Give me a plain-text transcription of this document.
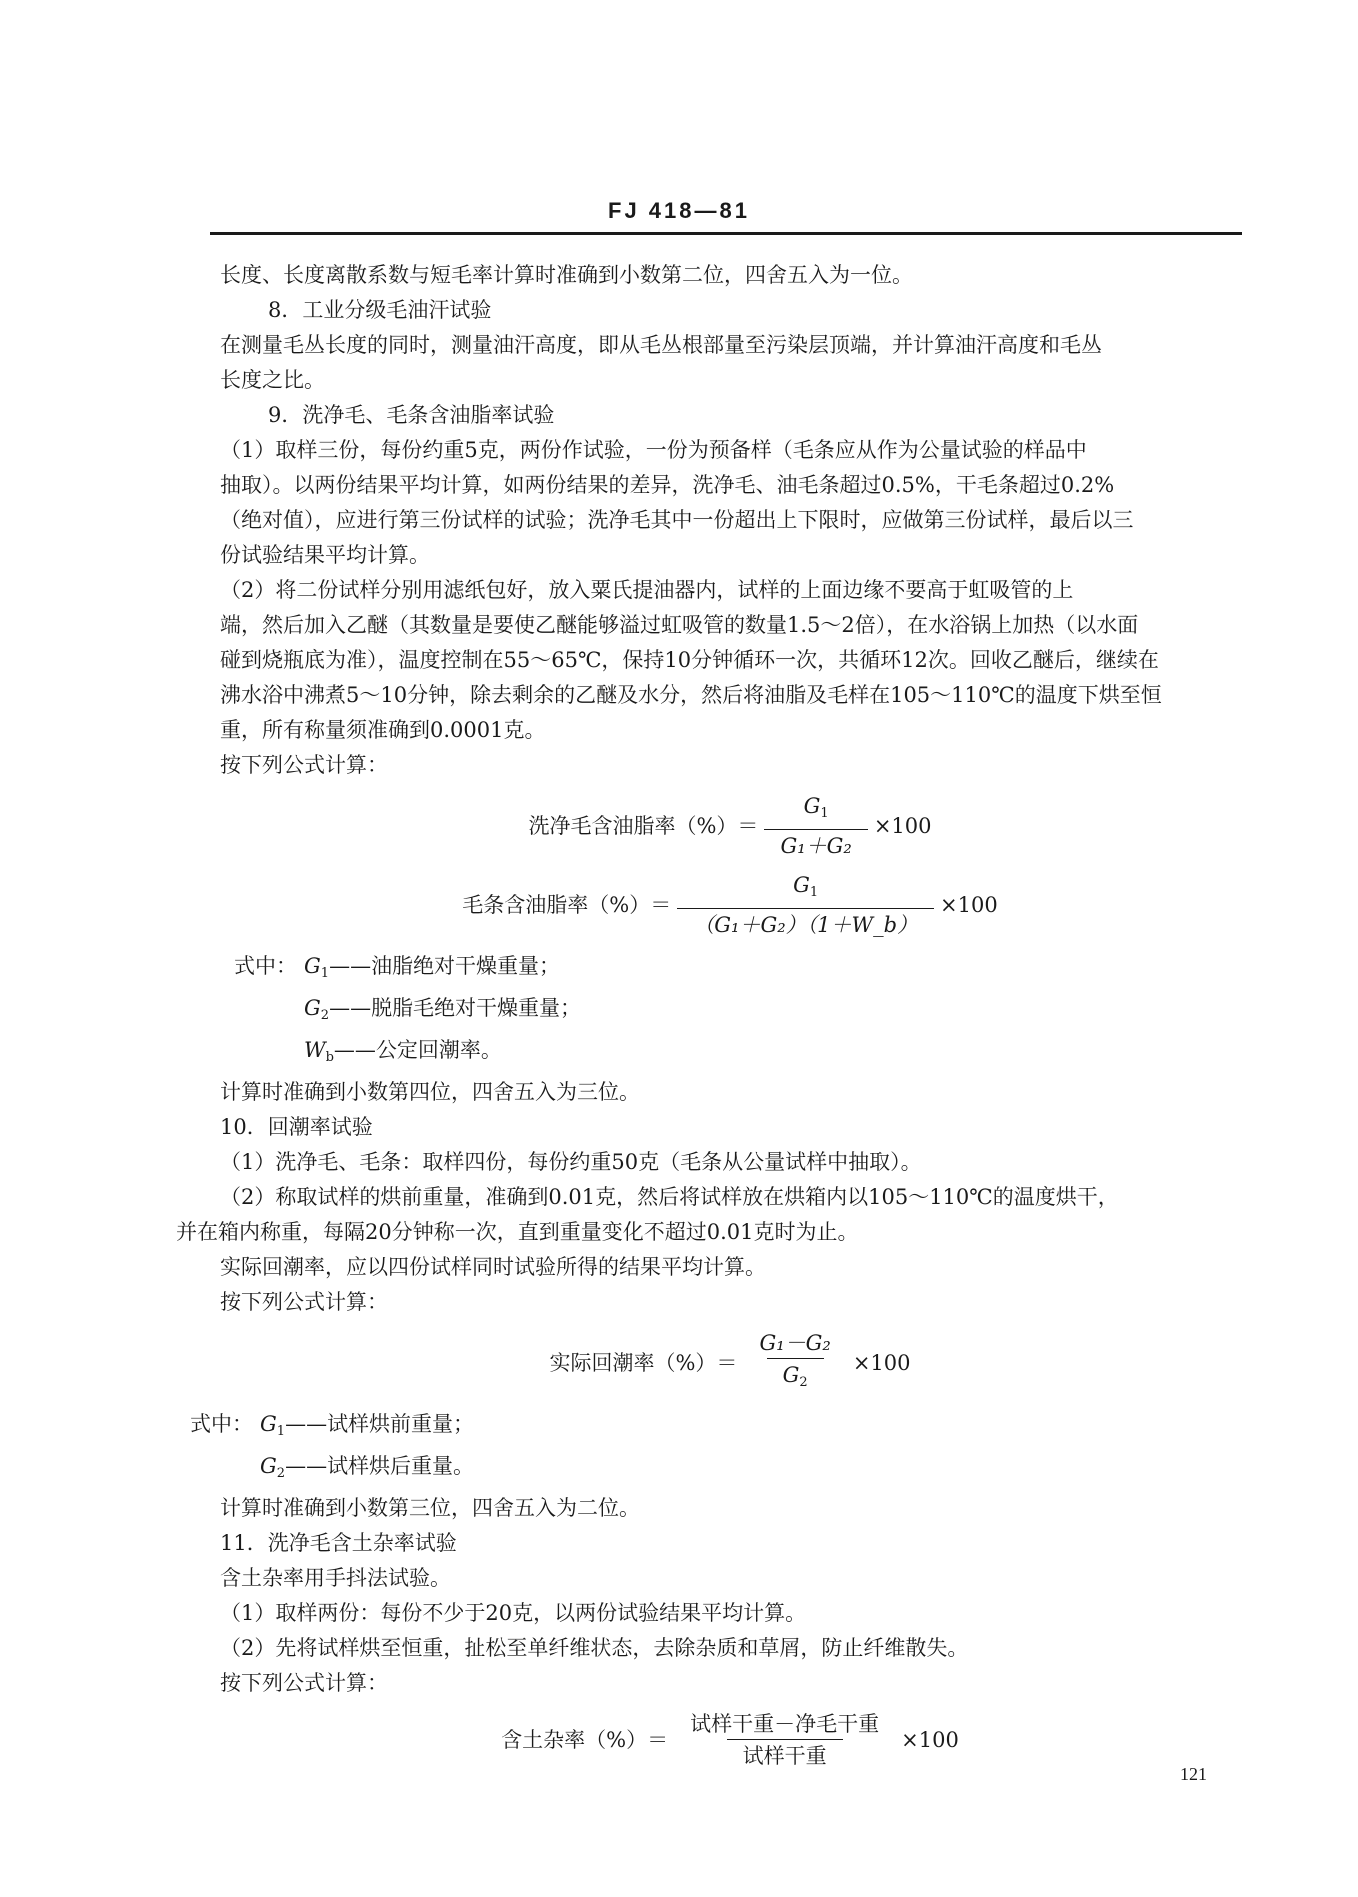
FJ 418—81

长度、长度离散系数与短毛率计算时准确到小数第二位，四舍五入为一位。

8．工业分级毛油汗试验

在测量毛丛长度的同时，测量油汗高度，即从毛丛根部量至污染层顶端，并计算油汗高度和毛丛

长度之比。

9．洗净毛、毛条含油脂率试验

（1）取样三份，每份约重5克，两份作试验，一份为预备样（毛条应从作为公量试验的样品中

抽取）。以两份结果平均计算，如两份结果的差异，洗净毛、油毛条超过0.5%，干毛条超过0.2%

（绝对值），应进行第三份试样的试验；洗净毛其中一份超出上下限时，应做第三份试样，最后以三

份试验结果平均计算。

（2）将二份试样分别用滤纸包好，放入粟氏提油器内，试样的上面边缘不要高于虹吸管的上

端，然后加入乙醚（其数量是要使乙醚能够溢过虹吸管的数量1.5～2倍），在水浴锅上加热（以水面

碰到烧瓶底为准），温度控制在55～65℃，保持10分钟循环一次，共循环12次。回收乙醚后，继续在

沸水浴中沸煮5～10分钟，除去剩余的乙醚及水分，然后将油脂及毛样在105～110℃的温度下烘至恒

重，所有称量须准确到0.0001克。

按下列公式计算：

洗净毛含油脂率（%）＝ $\frac{G_1}{\text{G₁＋G₂}} \times 100$
毛条含油脂率（%）＝ $\frac{G_1}{\text{（G₁＋G₂）（1＋W\_b）}} \times 100$
式中： $G_1——$油脂绝对干燥重量；
$G_2——$脱脂毛绝对干燥重量；
$W_b——$公定回潮率。

计算时准确到小数第四位，四舍五入为三位。

10．回潮率试验

（1）洗净毛、毛条：取样四份，每份约重50克（毛条从公量试样中抽取）。

（2）称取试样的烘前重量，准确到0.01克，然后将试样放在烘箱内以105～110℃的温度烘干，

并在箱内称重，每隔20分钟称一次，直到重量变化不超过0.01克时为止。

实际回潮率，应以四份试样同时试验所得的结果平均计算。

按下列公式计算：

实际回潮率（%）＝ $\frac{\text{G₁－G₂}}{G_2} \times 100$
式中： $G_1——$试样烘前重量；
$G_2——$试样烘后重量。

计算时准确到小数第三位，四舍五入为二位。

11．洗净毛含土杂率试验

含土杂率用手抖法试验。

（1）取样两份：每份不少于20克，以两份试验结果平均计算。

（2）先将试样烘至恒重，扯松至单纤维状态，去除杂质和草屑，防止纤维散失。

按下列公式计算：

含土杂率（%）＝ $\frac{\text{试样干重－净毛干重}}{\text{试样干重}} \times 100$
121
